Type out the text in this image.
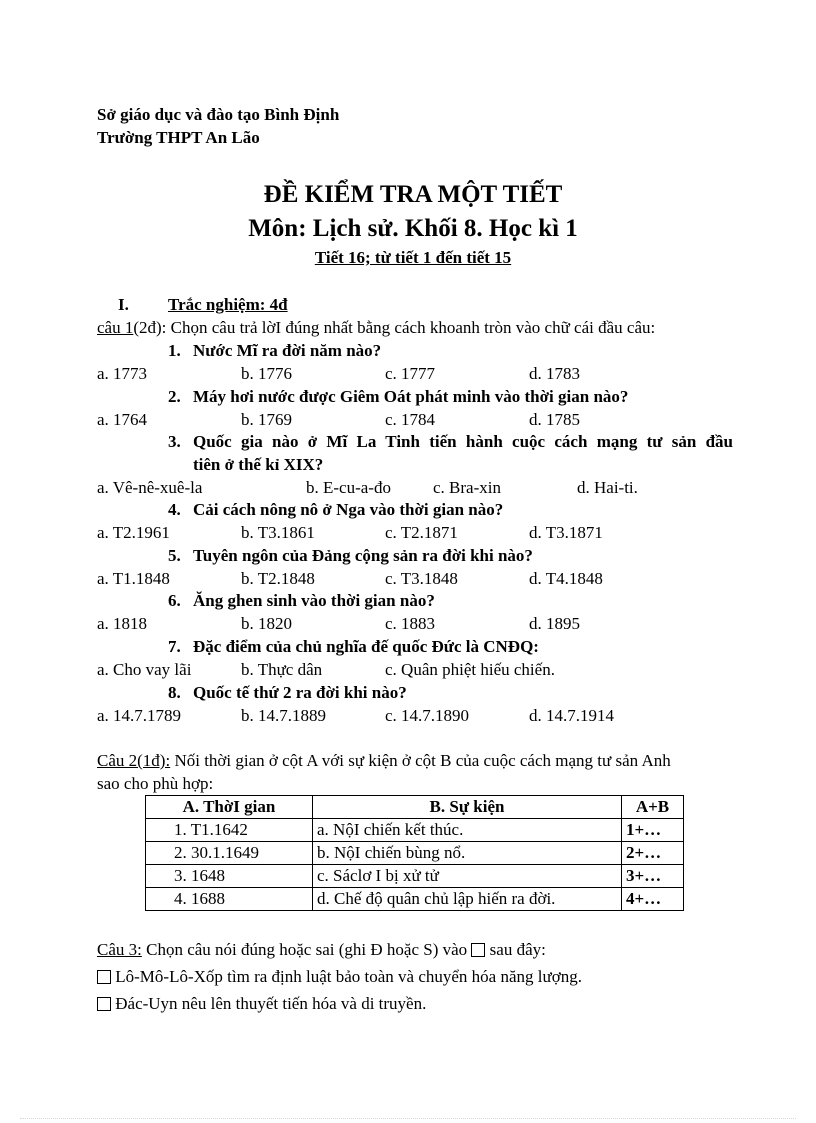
Sở giáo dục và đào tạo Bình Định
Trường THPT An Lão
ĐỀ KIỂM TRA MỘT TIẾT
Môn: Lịch sử. Khối 8. Học kì 1
Tiết 16; từ tiết 1 đến tiết 15
I. Trắc nghiệm: 4đ
câu 1(2đ): Chọn câu trả lờI đúng nhất bằng cách khoanh tròn vào chữ cái đầu câu:
1. Nước Mĩ ra đời năm nào?
a. 1773	b. 1776	c. 1777	d. 1783
2. Máy hơi nước được Giêm Oát phát minh vào thời gian nào?
a. 1764	b. 1769	c. 1784	d. 1785
3. Quốc gia nào ở Mĩ La Tinh tiến hành cuộc cách mạng tư sản đầu
tiên ở thế kỉ XIX?
a. Vê-nê-xuê-la	b. E-cu-a-đo c. Bra-xin	d. Hai-ti.
4. Cải cách nông nô ở Nga vào thời gian nào?
a. T2.1961	b. T3.1861	c. T2.1871	d. T3.1871
5. Tuyên ngôn của Đảng cộng sản ra đời khi nào?
a. T1.1848	b. T2.1848	c. T3.1848	d. T4.1848
6. Ăng ghen sinh vào thời gian nào?
a. 1818	b. 1820	c. 1883	d. 1895
7. Đặc điểm của chủ nghĩa đế quốc Đức là CNĐQ:
a. Cho vay lãi	b. Thực dân	c. Quân phiệt hiếu chiến.
8. Quốc tế thứ 2 ra đời khi nào?
a. 14.7.1789	b. 14.7.1889	c. 14.7.1890	d. 14.7.1914
Câu 2(1đ): Nối thời gian ở cột A với sự kiện ở cột B của cuộc cách mạng tư sản Anh
sao cho phù hợp:
A. ThờI gian	B. Sự kiện	A+B
1. T1.1642	a. NộI chiến kết thúc.	1+…
2. 30.1.1649	b. NộI chiến bùng nổ.	2+…
3. 1648	c. Sáclơ I bị xử tử	3+…
4. 1688	d. Chế độ quân chủ lập hiến ra đời.	4+…
Câu 3: Chọn câu nói đúng hoặc sai (ghi Đ hoặc S) vào  sau đây:
Lô-Mô-Lô-Xốp tìm ra định luật bảo toàn và chuyển hóa năng lượng.
Đác-Uyn nêu lên thuyết tiến hóa và di truyền.
